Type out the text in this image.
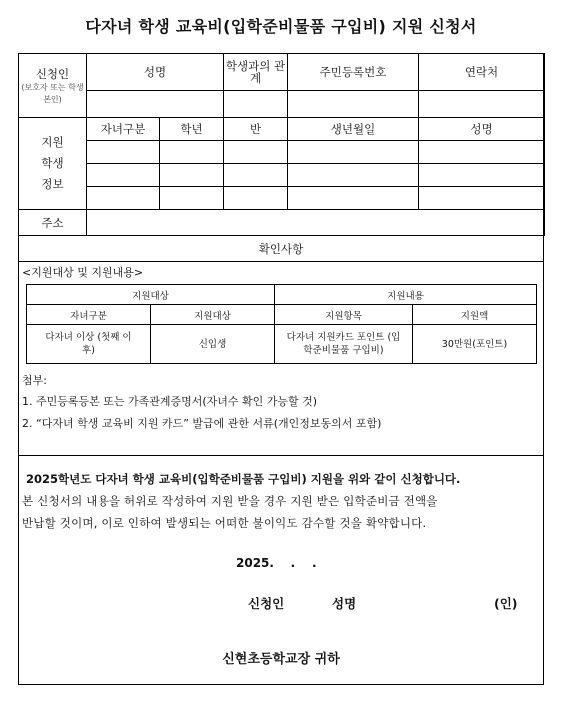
다자녀 학생 교육비(입학준비물품 구입비) 지원 신청서
신청인
(보호자 또는 학생 본인)	성명		학생과의 관계	주민등록번호	연락처

지원
학생
정보	자녀구분	학년	반	생년월일	성명

주소					
확인사항
<지원대상 및 지원내용>
지원대상		지원내용	
자녀구분	지원대상	지원항목	지원액
다자녀 이상 (첫째 이후)	신입생	다자녀 지원카드 포인트 (입학준비물품 구입비)	30만원(포인트)
첨부:
1. 주민등록등본 또는 가족관계증명서(자녀수 확인 가능할 것)
2. “다자녀 학생 교육비 지원 카드” 발급에 관한 서류(개인정보동의서 포함)
2025학년도 다자녀 학생 교육비(입학준비물품 구입비) 지원을 위와 같이 신청합니다.
본 신청서의 내용을 허위로 작성하여 지원 받을 경우 지원 받은 입학준비금 전액을
반납할 것이며, 이로 인하여 발생되는 어떠한 불이익도 감수할 것을 확약합니다.
2025.    .    .
신청인	성명	(인)
신현초등학교장 귀하
